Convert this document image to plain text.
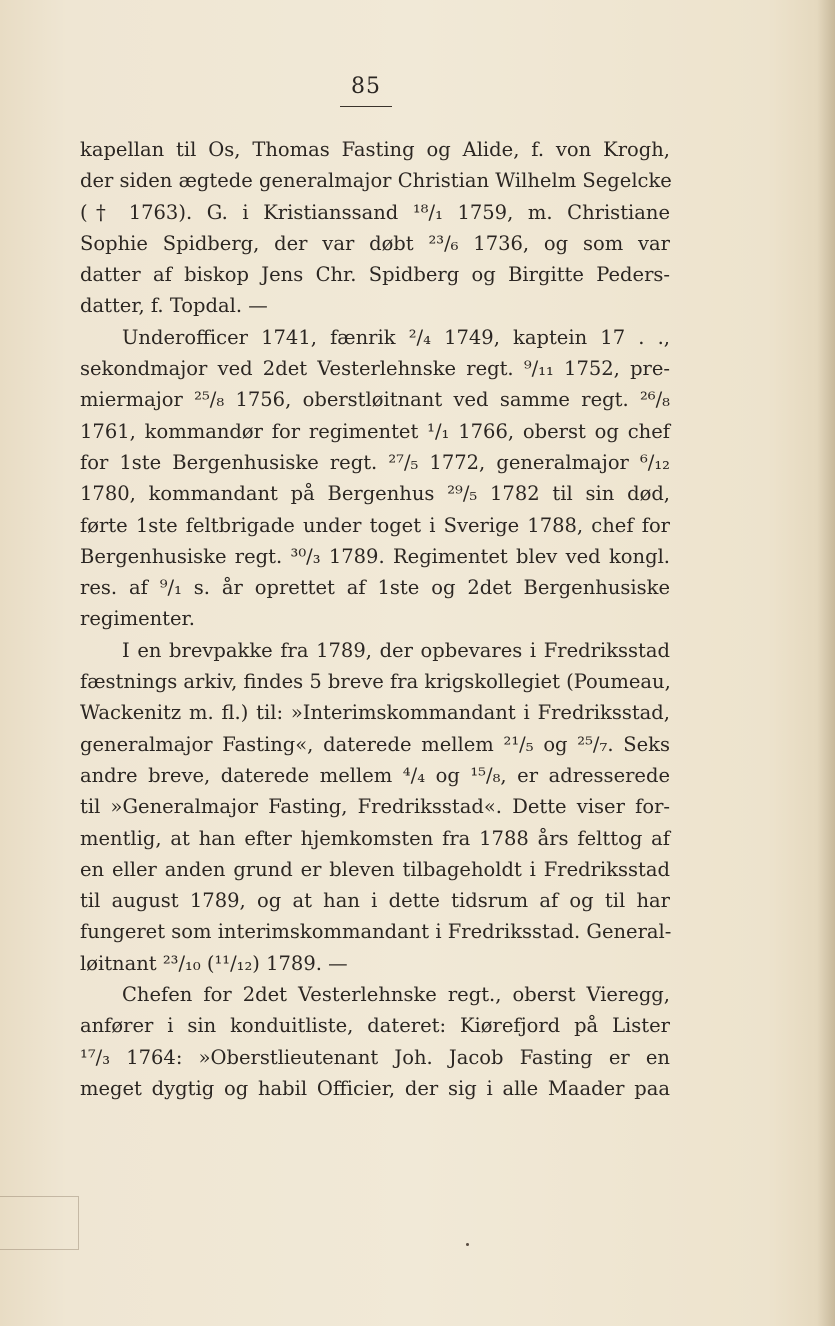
85
kapellan til Os, Thomas Fasting og Alide, f. von Krogh,
der siden ægtede generalmajor Christian Wilhelm Segelcke
(† 1763). G. i Kristianssand ¹⁸/₁ 1759, m. Christiane
Sophie Spidberg, der var døbt ²³/₆ 1736, og som var
datter af biskop Jens Chr. Spidberg og Birgitte Peders-
datter, f. Topdal. —
Underofficer 1741, fænrik ²/₄ 1749, kaptein 17 . .,
sekondmajor ved 2det Vesterlehnske regt. ⁹/₁₁ 1752, pre-
miermajor ²⁵/₈ 1756, oberstløitnant ved samme regt. ²⁶/₈
1761, kommandør for regimentet ¹/₁ 1766, oberst og chef
for 1ste Bergenhusiske regt. ²⁷/₅ 1772, generalmajor ⁶/₁₂
1780, kommandant på Bergenhus ²⁹/₅ 1782 til sin død,
førte 1ste feltbrigade under toget i Sverige 1788, chef for
Bergenhusiske regt. ³⁰/₃ 1789. Regimentet blev ved kongl.
res. af ⁹/₁ s. år oprettet af 1ste og 2det Bergenhusiske
regimenter.
I en brevpakke fra 1789, der opbevares i Fredriksstad
fæstnings arkiv, findes 5 breve fra krigskollegiet (Poumeau,
Wackenitz m. fl.) til: »Interimskommandant i Fredriksstad,
generalmajor Fasting«, daterede mellem ²¹/₅ og ²⁵/₇. Seks
andre breve, daterede mellem ⁴/₄ og ¹⁵/₈, er adresserede
til »Generalmajor Fasting, Fredriksstad«. Dette viser for-
mentlig, at han efter hjemkomsten fra 1788 års felttog af
en eller anden grund er bleven tilbageholdt i Fredriksstad
til august 1789, og at han i dette tidsrum af og til har
fungeret som interimskommandant i Fredriksstad. General-
løitnant ²³/₁₀ (¹¹/₁₂) 1789. —
Chefen for 2det Vesterlehnske regt., oberst Vieregg,
anfører i sin konduitliste, dateret: Kiørefjord på Lister
¹⁷/₃ 1764: »Oberstlieutenant Joh. Jacob Fasting er en
meget dygtig og habil Officier, der sig i alle Maader paa
